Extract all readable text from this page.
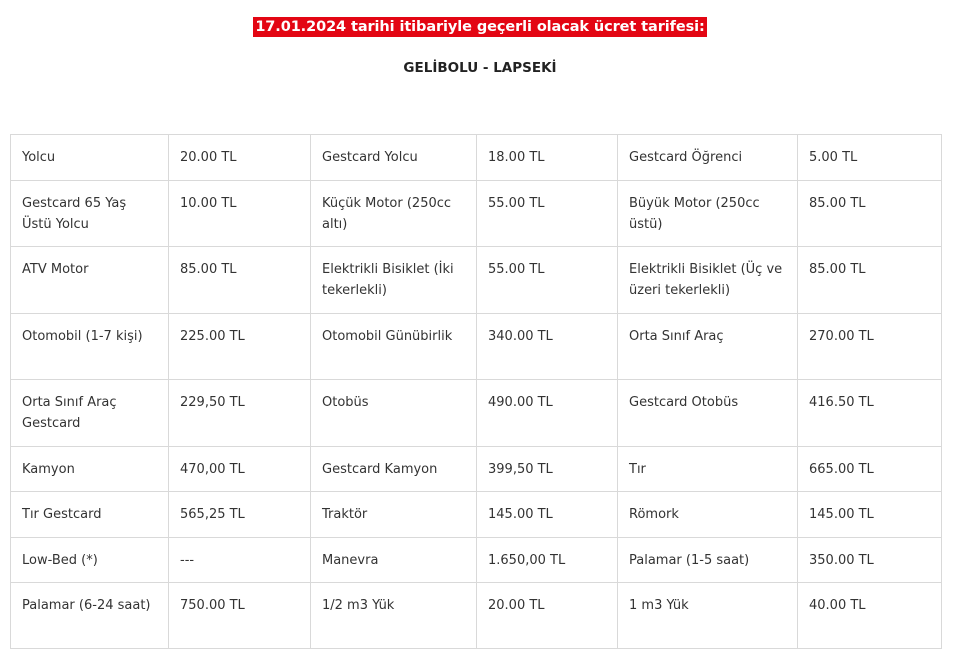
17.01.2024 tarihi itibariyle geçerli olacak ücret tarifesi:
GELİBOLU - LAPSEKİ
Yolcu	20.00 TL	Gestcard Yolcu	18.00 TL	Gestcard Öğrenci	5.00 TL
Gestcard 65 Yaş Üstü Yolcu	10.00 TL	Küçük Motor (250cc altı)	55.00 TL	Büyük Motor (250cc üstü)	85.00 TL
ATV Motor	85.00 TL	Elektrikli Bisiklet (İki tekerlekli)	55.00 TL	Elektrikli Bisiklet (Üç ve üzeri tekerlekli)	85.00 TL
Otomobil (1-7 kişi)	225.00 TL	Otomobil Günübirlik	340.00 TL	Orta Sınıf Araç	270.00 TL
Orta Sınıf Araç Gestcard	229,50 TL	Otobüs	490.00 TL	Gestcard Otobüs	416.50 TL
Kamyon	470,00 TL	Gestcard Kamyon	399,50 TL	Tır	665.00 TL
Tır Gestcard	565,25 TL	Traktör	145.00 TL	Römork	145.00 TL
Low-Bed (*)	---	Manevra	1.650,00 TL	Palamar (1-5 saat)	350.00 TL
Palamar (6-24 saat)	750.00 TL	1/2 m3 Yük	20.00 TL	1 m3 Yük	40.00 TL
